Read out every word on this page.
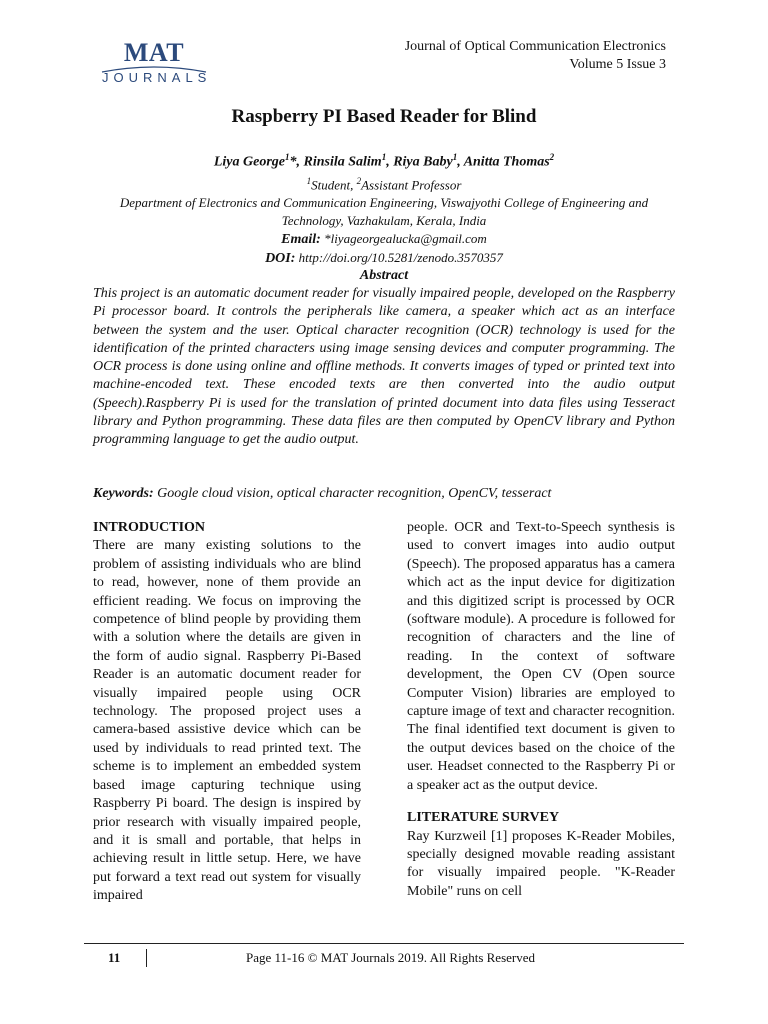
MAT
JOURNALS
Journal of Optical Communication Electronics
Volume 5 Issue 3
Raspberry PI Based Reader for Blind
Liya George$^1$*, Rinsila Salim$^1$, Riya Baby$^1$, Anitta Thomas$^2$
$^1$Student, $^2$Assistant Professor
Department of Electronics and Communication Engineering, Viswajyothi College of Engineering and Technology, Vazhakulam, Kerala, India
Email: *liyageorgealucka@gmail.com
DOI: http://doi.org/10.5281/zenodo.3570357
Abstract
This project is an automatic document reader for visually impaired people, developed on the Raspberry Pi processor board. It controls the peripherals like camera, a speaker which act as an interface between the system and the user. Optical character recognition (OCR) technology is used for the identification of the printed characters using image sensing devices and computer programming. The OCR process is done using online and offline methods. It converts images of typed or printed text into machine-encoded text. These encoded texts are then converted into the audio output (Speech).Raspberry Pi is used for the translation of printed document into data files using Tesseract library and Python programming. These data files are then computed by OpenCV library and Python programming language to get the audio output.
Keywords: Google cloud vision, optical character recognition, OpenCV, tesseract
INTRODUCTION
There are many existing solutions to the problem of assisting individuals who are blind to read, however, none of them provide an efficient reading. We focus on improving the competence of blind people by providing them with a solution where the details are given in the form of audio signal. Raspberry Pi-Based Reader is an automatic document reader for visually impaired people using OCR technology. The proposed project uses a camera-based assistive device which can be used by individuals to read printed text. The scheme is to implement an embedded system based image capturing technique using Raspberry Pi board. The design is inspired by prior research with visually impaired people, and it is small and portable, that helps in achieving result in little setup. Here, we have put forward a text read out system for visually impaired
people. OCR and Text-to-Speech synthesis is used to convert images into audio output (Speech). The proposed apparatus has a camera which act as the input device for digitization and this digitized script is processed by OCR (software module). A procedure is followed for recognition of characters and the line of reading. In the context of software development, the Open CV (Open source Computer Vision) libraries are employed to capture image of text and character recognition. The final identified text document is given to the output devices based on the choice of the user. Headset connected to the Raspberry Pi or a speaker act as the output device.
LITERATURE SURVEY
Ray Kurzweil [1] proposes K-Reader Mobiles, specially designed movable reading assistant for visually impaired people. "K-Reader Mobile" runs on cell
11	Page 11-16 © MAT Journals 2019. All Rights Reserved
